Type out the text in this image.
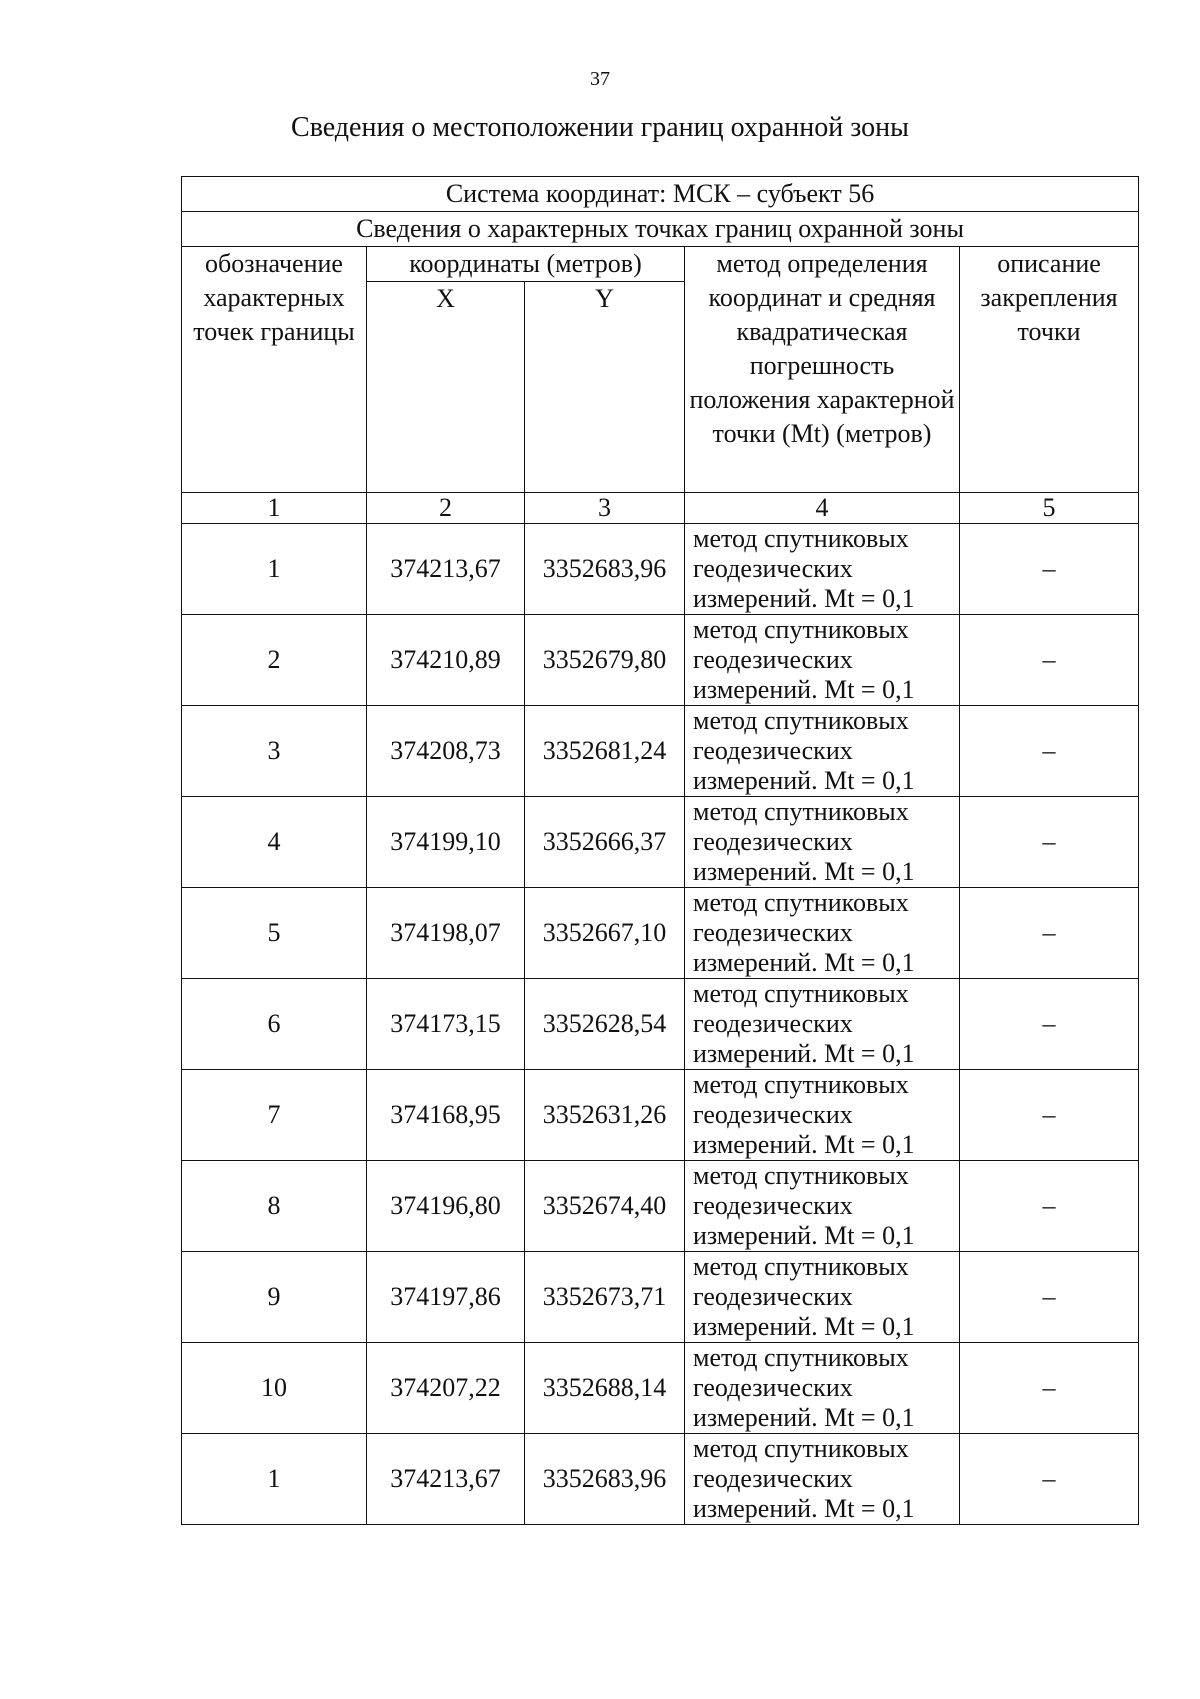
37
Сведения о местоположении границ охранной зоны
Система координат: МСК – субъект 56				
Сведения о характерных точках границ охранной зоны				

обозначение характерных точек границы	координаты (метров)		метод определения координат и средняя квадратическая погрешность положения характерной точки (Mt) (метров)	описание закрепления точки

	X	Y		
1	2	3	4	5
1	374213,67	3352683,96	метод спутниковых геодезических измерений. Mt = 0,1	–
2	374210,89	3352679,80	метод спутниковых геодезических измерений. Mt = 0,1	–
3	374208,73	3352681,24	метод спутниковых геодезических измерений. Mt = 0,1	–
4	374199,10	3352666,37	метод спутниковых геодезических измерений. Mt = 0,1	–
5	374198,07	3352667,10	метод спутниковых геодезических измерений. Mt = 0,1	–
6	374173,15	3352628,54	метод спутниковых геодезических измерений. Mt = 0,1	–
7	374168,95	3352631,26	метод спутниковых геодезических измерений. Mt = 0,1	–
8	374196,80	3352674,40	метод спутниковых геодезических измерений. Mt = 0,1	–
9	374197,86	3352673,71	метод спутниковых геодезических измерений. Mt = 0,1	–
10	374207,22	3352688,14	метод спутниковых геодезических измерений. Mt = 0,1	–
1	374213,67	3352683,96	метод спутниковых геодезических измерений. Mt = 0,1	–
